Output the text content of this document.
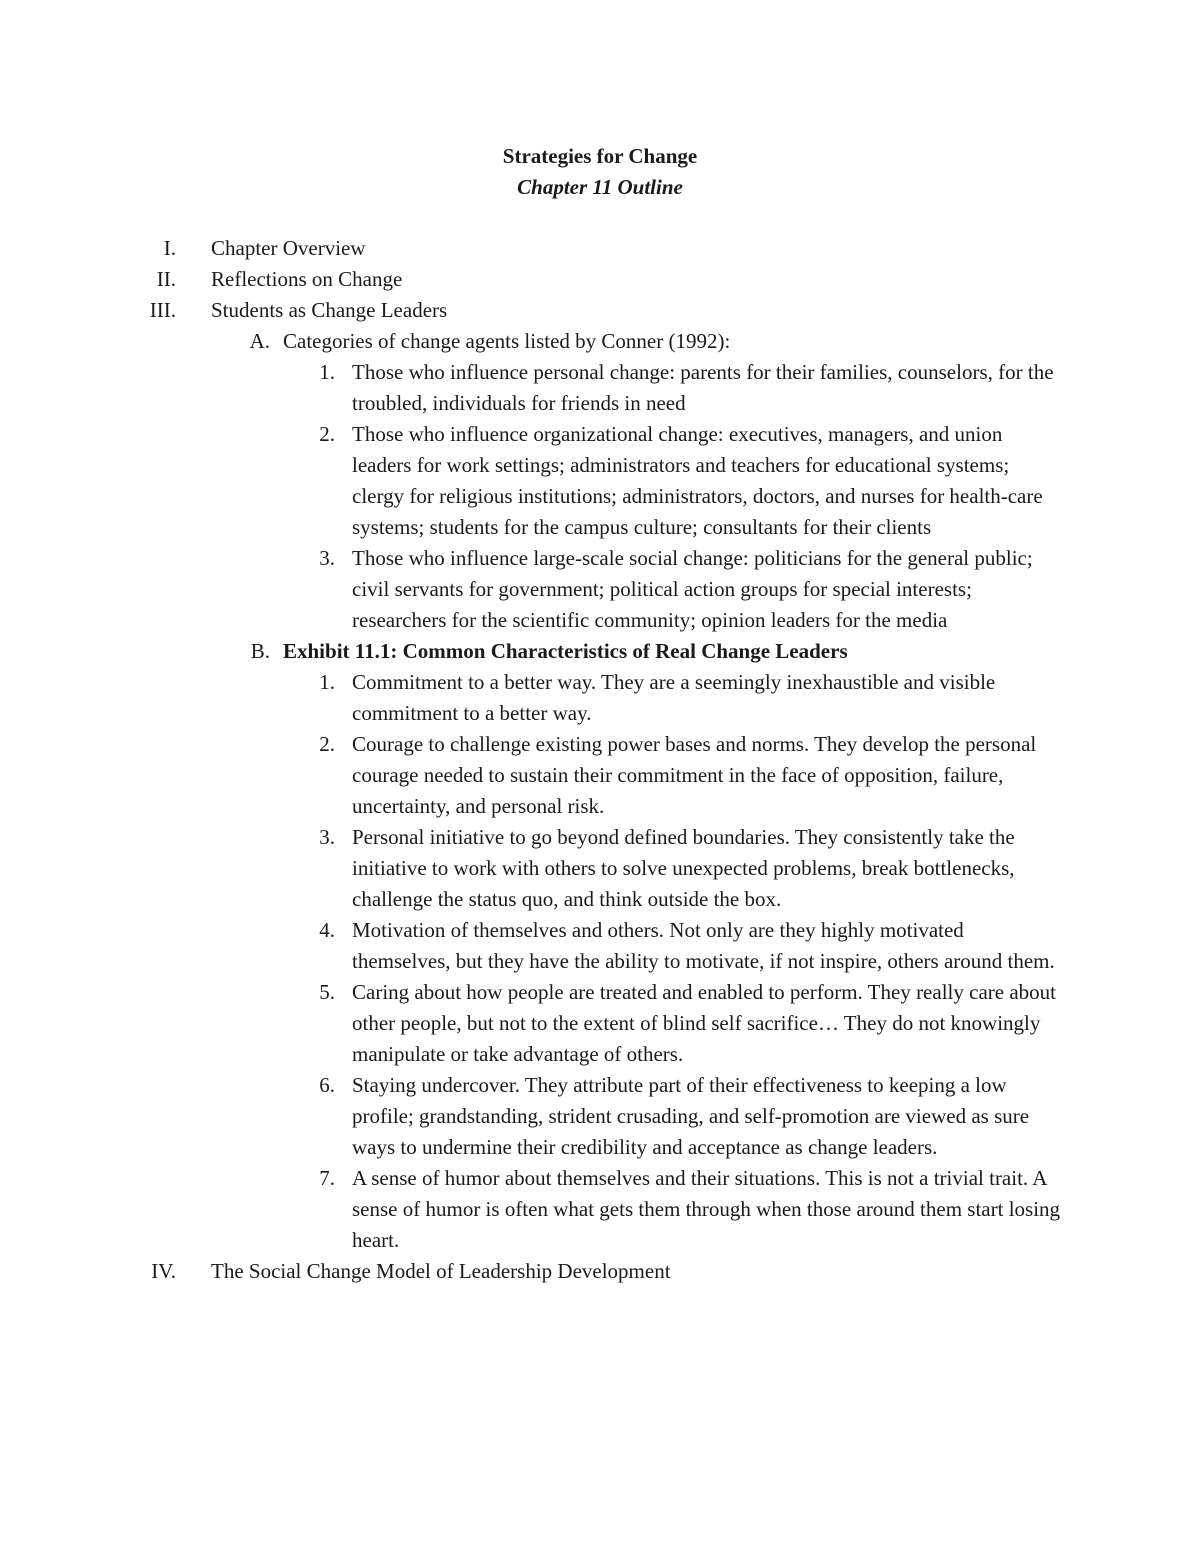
Strategies for Change
Chapter 11 Outline
I. Chapter Overview
II. Reflections on Change
III. Students as Change Leaders
A. Categories of change agents listed by Conner (1992):
1. Those who influence personal change: parents for their families, counselors, for the troubled, individuals for friends in need
2. Those who influence organizational change: executives, managers, and union leaders for work settings; administrators and teachers for educational systems; clergy for religious institutions; administrators, doctors, and nurses for health-care systems; students for the campus culture; consultants for their clients
3. Those who influence large-scale social change: politicians for the general public; civil servants for government; political action groups for special interests; researchers for the scientific community; opinion leaders for the media
B. Exhibit 11.1: Common Characteristics of Real Change Leaders
1. Commitment to a better way. They are a seemingly inexhaustible and visible commitment to a better way.
2. Courage to challenge existing power bases and norms. They develop the personal courage needed to sustain their commitment in the face of opposition, failure, uncertainty, and personal risk.
3. Personal initiative to go beyond defined boundaries. They consistently take the initiative to work with others to solve unexpected problems, break bottlenecks, challenge the status quo, and think outside the box.
4. Motivation of themselves and others. Not only are they highly motivated themselves, but they have the ability to motivate, if not inspire, others around them.
5. Caring about how people are treated and enabled to perform. They really care about other people, but not to the extent of blind self sacrifice… They do not knowingly manipulate or take advantage of others.
6. Staying undercover. They attribute part of their effectiveness to keeping a low profile; grandstanding, strident crusading, and self-promotion are viewed as sure ways to undermine their credibility and acceptance as change leaders.
7. A sense of humor about themselves and their situations. This is not a trivial trait. A sense of humor is often what gets them through when those around them start losing heart.
IV. The Social Change Model of Leadership Development
